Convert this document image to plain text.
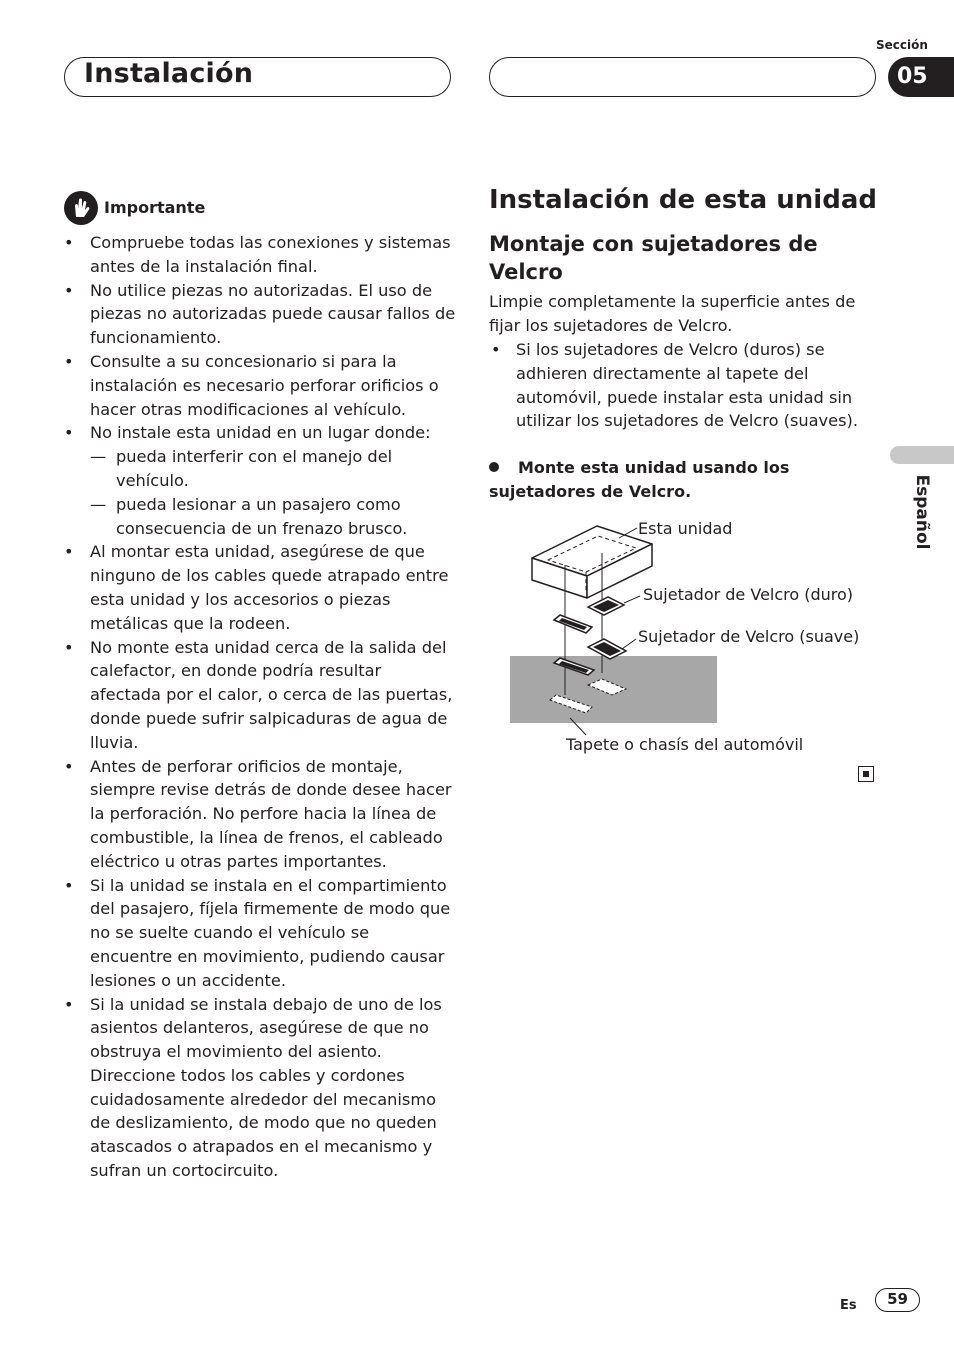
Instalación
Sección
05
Español
Importante
• Compruebe todas las conexiones y sistemas antes de la instalación final.
• No utilice piezas no autorizadas. El uso de piezas no autorizadas puede causar fallos de funcionamiento.
• Consulte a su concesionario si para la instalación es necesario perforar orificios o hacer otras modificaciones al vehículo.
• No instale esta unidad en un lugar donde:
— pueda interferir con el manejo del vehículo.
— pueda lesionar a un pasajero como consecuencia de un frenazo brusco.
• Al montar esta unidad, asegúrese de que ninguno de los cables quede atrapado entre esta unidad y los accesorios o piezas metálicas que la rodeen.
• No monte esta unidad cerca de la salida del calefactor, en donde podría resultar afectada por el calor, o cerca de las puertas, donde puede sufrir salpicaduras de agua de lluvia.
• Antes de perforar orificios de montaje, siempre revise detrás de donde desee hacer la perforación. No perfore hacia la línea de combustible, la línea de frenos, el cableado eléctrico u otras partes importantes.
• Si la unidad se instala en el compartimiento del pasajero, fíjela firmemente de modo que no se suelte cuando el vehículo se encuentre en movimiento, pudiendo causar lesiones o un accidente.
• Si la unidad se instala debajo de uno de los asientos delanteros, asegúrese de que no obstruya el movimiento del asiento. Direccione todos los cables y cordones cuidadosamente alrededor del mecanismo de deslizamiento, de modo que no queden atascados o atrapados en el mecanismo y sufran un cortocircuito.
Instalación de esta unidad
Montaje con sujetadores de Velcro
Limpie completamente la superficie antes de fijar los sujetadores de Velcro.
• Si los sujetadores de Velcro (duros) se adhieren directamente al tapete del automóvil, puede instalar esta unidad sin utilizar los sujetadores de Velcro (suaves).
Monte esta unidad usando los sujetadores de Velcro.
Esta unidad
Sujetador de Velcro (duro)
Sujetador de Velcro (suave)
Tapete o chasís del automóvil
Es	59
